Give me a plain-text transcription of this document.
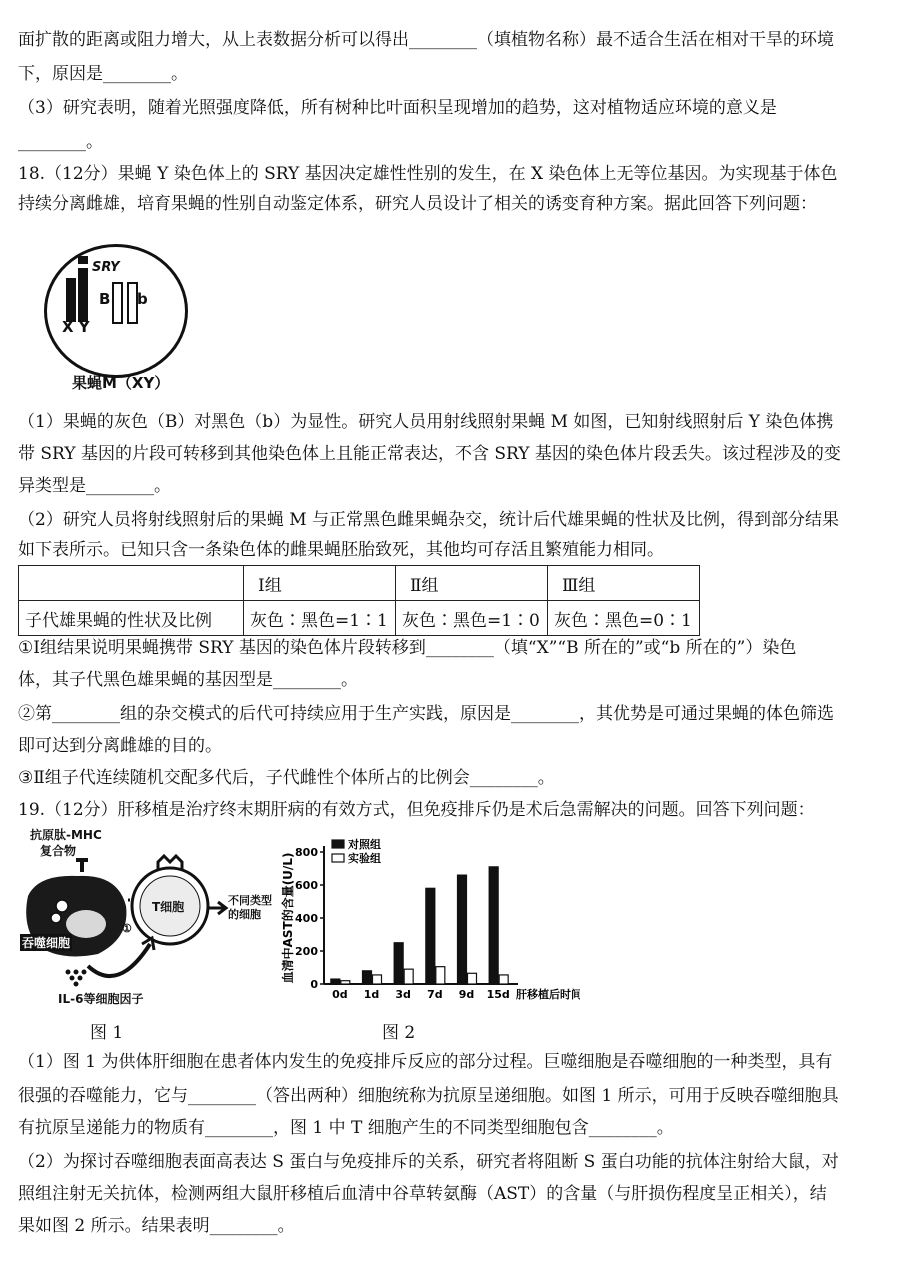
面扩散的距离或阻力增大，从上表数据分析可以得出________（填植物名称）最不适合生活在相对干旱的环境
下，原因是________。
（3）研究表明，随着光照强度降低，所有树种比叶面积呈现增加的趋势，这对植物适应环境的意义是
________。
18.（12分）果蝇 Y 染色体上的 SRY 基因决定雄性性别的发生，在 X 染色体上无等位基因。为实现基于体色
持续分离雌雄，培育果蝇的性别自动鉴定体系，研究人员设计了相关的诱变育种方案。据此回答下列问题：
SRY
B b
X Y
果蝇M（XY）
（1）果蝇的灰色（B）对黑色（b）为显性。研究人员用射线照射果蝇 M 如图，已知射线照射后 Y 染色体携
带 SRY 基因的片段可转移到其他染色体上且能正常表达，不含 SRY 基因的染色体片段丢失。该过程涉及的变
异类型是________。
（2）研究人员将射线照射后的果蝇 M 与正常黑色雌果蝇杂交，统计后代雄果蝇的性状及比例，得到部分结果
如下表所示。已知只含一条染色体的雌果蝇胚胎致死，其他均可存活且繁殖能力相同。
	Ⅰ组	Ⅱ组	Ⅲ组
子代雄果蝇的性状及比例	灰色∶黑色=1∶1	灰色∶黑色=1∶0	灰色∶黑色=0∶1
①Ⅰ组结果说明果蝇携带 SRY 基因的染色体片段转移到________（填“X”“B 所在的”或“b 所在的”）染色
体，其子代黑色雄果蝇的基因型是________。
②第________组的杂交模式的后代可持续应用于生产实践，原因是________，其优势是可通过果蝇的体色筛选
即可达到分离雌雄的目的。
③Ⅱ组子代连续随机交配多代后，子代雌性个体所占的比例会________。
19.（12分）肝移植是治疗终末期肝病的有效方式，但免疫排斥仍是术后急需解决的问题。回答下列问题：
抗原肽-MHC
复合物
T细胞	不同类型
的细胞
①
吞噬细胞
IL-6等细胞因子
图 1
0
200
400
600
800
血清中AST的含量(U/L)
0d 1d 3d 7d 9d 15d 肝移植后时间
对照组
实验组
图 2
（1）图 1 为供体肝细胞在患者体内发生的免疫排斥反应的部分过程。巨噬细胞是吞噬细胞的一种类型，具有
很强的吞噬能力，它与________（答出两种）细胞统称为抗原呈递细胞。如图 1 所示，可用于反映吞噬细胞具
有抗原呈递能力的物质有________，图 1 中 T 细胞产生的不同类型细胞包含________。
（2）为探讨吞噬细胞表面高表达 S 蛋白与免疫排斥的关系，研究者将阻断 S 蛋白功能的抗体注射给大鼠，对
照组注射无关抗体，检测两组大鼠肝移植后血清中谷草转氨酶（AST）的含量（与肝损伤程度呈正相关），结
果如图 2 所示。结果表明________。
